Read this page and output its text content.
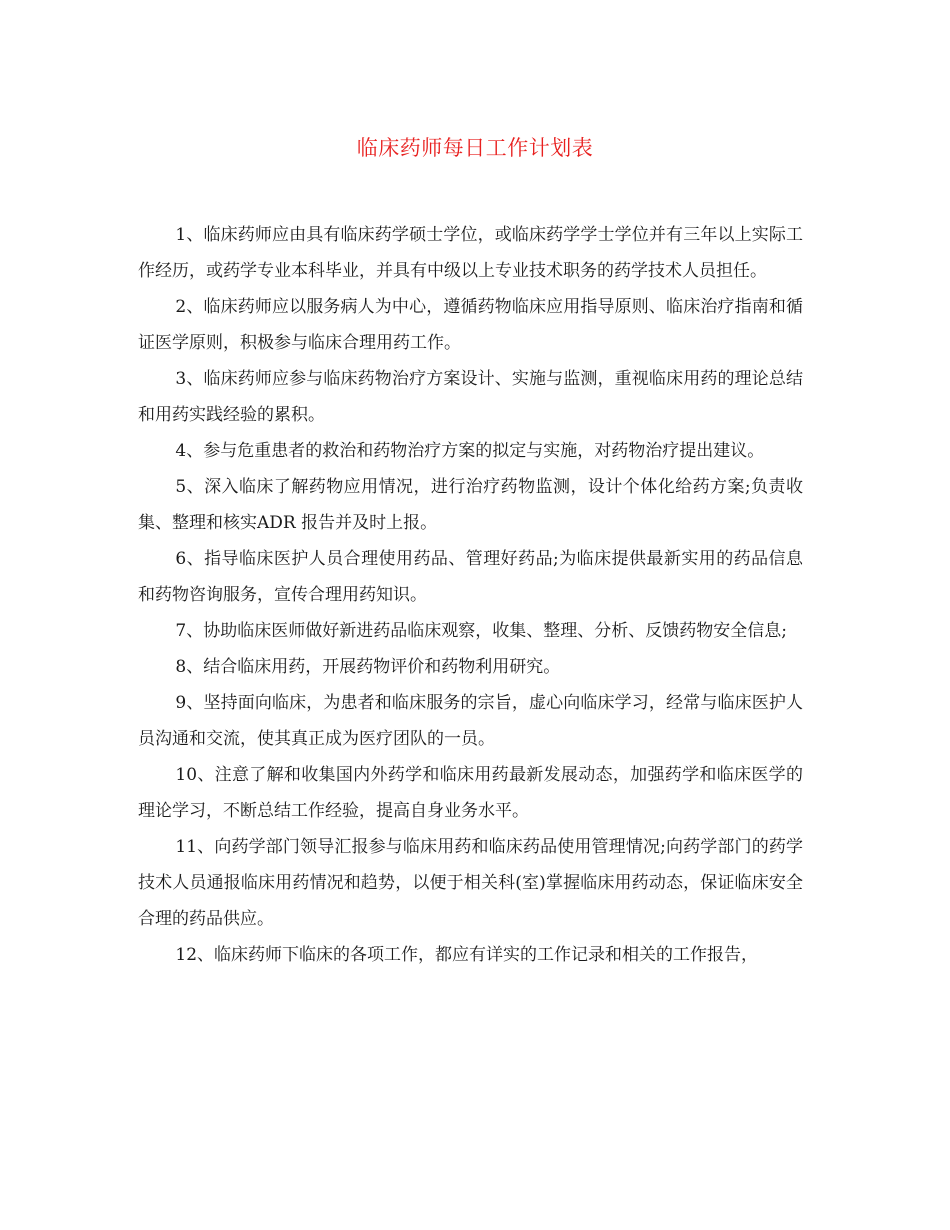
临床药师每日工作计划表

1、临床药师应由具有临床药学硕士学位，或临床药学学士学位并有三年以上实际工作经历，或药学专业本科毕业，并具有中级以上专业技术职务的药学技术人员担任。

2、临床药师应以服务病人为中心，遵循药物临床应用指导原则、临床治疗指南和循证医学原则，积极参与临床合理用药工作。

3、临床药师应参与临床药物治疗方案设计、实施与监测，重视临床用药的理论总结和用药实践经验的累积。

4、参与危重患者的救治和药物治疗方案的拟定与实施，对药物治疗提出建议。

5、深入临床了解药物应用情况，进行治疗药物监测，设计个体化给药方案;负责收集、整理和核实ADR 报告并及时上报。

6、指导临床医护人员合理使用药品、管理好药品;为临床提供最新实用的药品信息和药物咨询服务，宣传合理用药知识。

7、协助临床医师做好新进药品临床观察，收集、整理、分析、反馈药物安全信息;

8、结合临床用药，开展药物评价和药物利用研究。

9、坚持面向临床，为患者和临床服务的宗旨，虚心向临床学习，经常与临床医护人员沟通和交流，使其真正成为医疗团队的一员。

10、注意了解和收集国内外药学和临床用药最新发展动态，加强药学和临床医学的理论学习，不断总结工作经验，提高自身业务水平。

11、向药学部门领导汇报参与临床用药和临床药品使用管理情况;向药学部门的药学技术人员通报临床用药情况和趋势，以便于相关科(室)掌握临床用药动态，保证临床安全合理的药品供应。

12、临床药师下临床的各项工作，都应有详实的工作记录和相关的工作报告，
